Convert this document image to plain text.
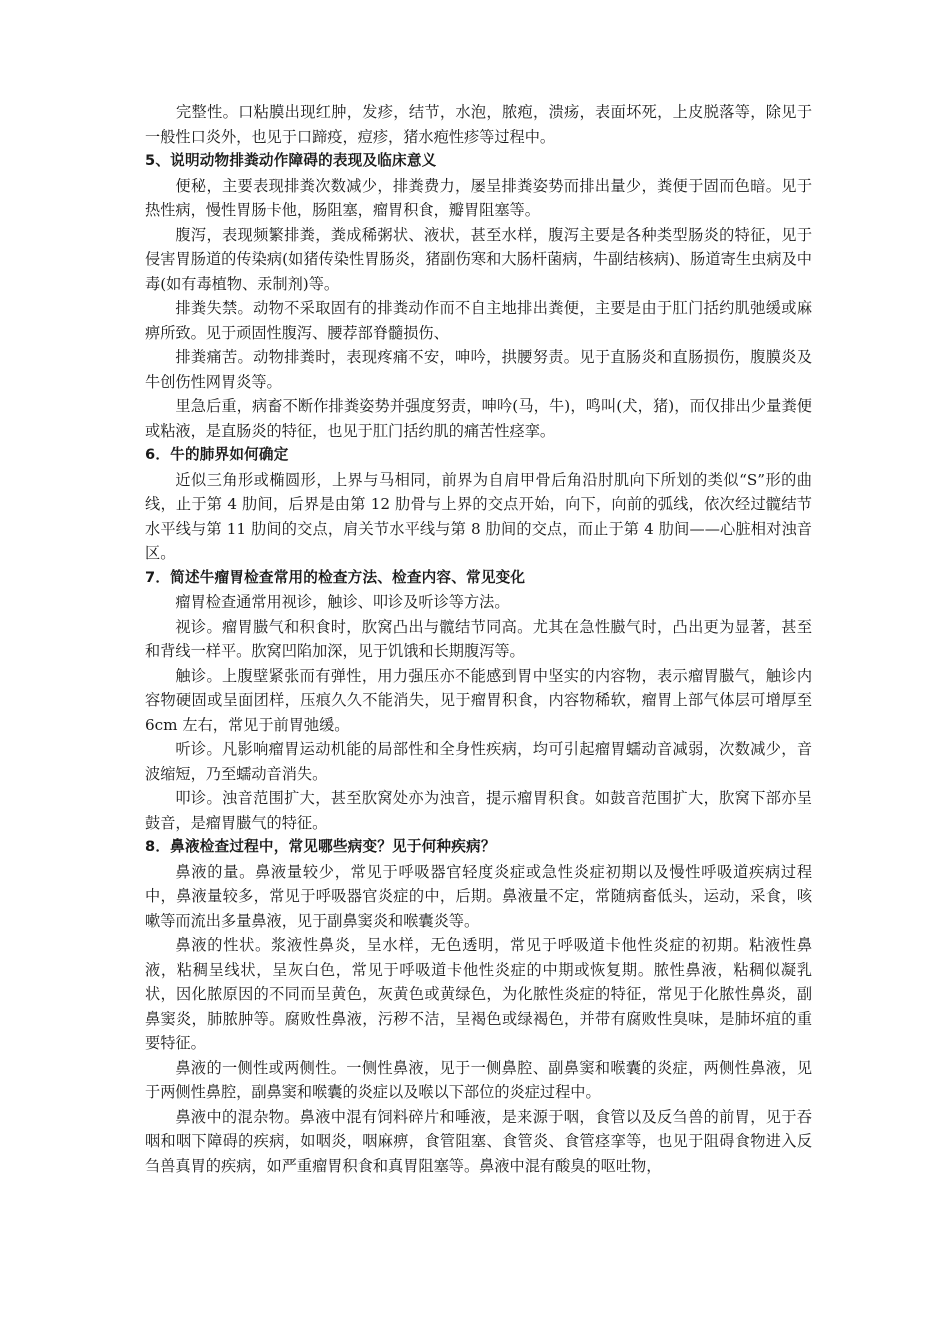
　　完整性。口粘膜出现红肿，发疹，结节，水泡，脓疱，溃疡，表面坏死，上皮脱落等，除见于一般性口炎外，也见于口蹄疫，痘疹，猪水疱性疹等过程中。

5、说明动物排粪动作障碍的表现及临床意义

便秘，主要表现排粪次数减少，排粪费力，屡呈排粪姿势而排出量少，粪便于固而色暗。见于热性病，慢性胃肠卡他，肠阻塞，瘤胃积食，瓣胃阻塞等。

腹泻，表现频繁排粪，粪成稀粥状、液状，甚至水样，腹泻主要是各种类型肠炎的特征，见于侵害胃肠道的传染病(如猪传染性胃肠炎，猪副伤寒和大肠杆菌病，牛副结核病)、肠道寄生虫病及中毒(如有毒植物、汞制剂)等。

排粪失禁。动物不采取固有的排粪动作而不自主地排出粪便，主要是由于肛门括约肌弛缓或麻痹所致。见于顽固性腹泻、腰荐部脊髓损伤、

排粪痛苦。动物排粪时，表现疼痛不安，呻吟，拱腰努责。见于直肠炎和直肠损伤，腹膜炎及牛创伤性网胃炎等。

里急后重，病畜不断作排粪姿势并强度努责，呻吟(马，牛)，鸣叫(犬，猪)，而仅排出少量粪便或粘液，是直肠炎的特征，也见于肛门括约肌的痛苦性痉挛。

6．牛的肺界如何确定

近似三角形或椭圆形，上界与马相同，前界为自肩甲骨后角沿肘肌向下所划的类似“S”形的曲线，止于第 4 肋间，后界是由第 12 肋骨与上界的交点开始，向下，向前的弧线，依次经过髋结节水平线与第 11 肋间的交点，肩关节水平线与第 8 肋间的交点，而止于第 4 肋间——心脏相对浊音区。

7．简述牛瘤胃检查常用的检查方法、检查内容、常见变化

瘤胃检查通常用视诊，触诊、叩诊及听诊等方法。

视诊。瘤胃臌气和积食时，肷窝凸出与髋结节同高。尤其在急性臌气时，凸出更为显著，甚至和背线一样平。肷窝凹陷加深，见于饥饿和长期腹泻等。

触诊。上腹壁紧张而有弹性，用力强压亦不能感到胃中坚实的内容物，表示瘤胃臌气，触诊内容物硬固或呈面团样，压痕久久不能消失，见于瘤胃积食，内容物稀软，瘤胃上部气体层可增厚至 6cm 左右，常见于前胃弛缓。

听诊。凡影响瘤胃运动机能的局部性和全身性疾病，均可引起瘤胃蠕动音减弱，次数减少，音波缩短，乃至蠕动音消失。

叩诊。浊音范围扩大，甚至肷窝处亦为浊音，提示瘤胃积食。如鼓音范围扩大，肷窝下部亦呈鼓音，是瘤胃臌气的特征。

8．鼻液检查过程中，常见哪些病变？见于何种疾病？

鼻液的量。鼻液量较少，常见于呼吸器官轻度炎症或急性炎症初期以及慢性呼吸道疾病过程中，鼻液量较多，常见于呼吸器官炎症的中，后期。鼻液量不定，常随病畜低头，运动，采食，咳嗽等而流出多量鼻液，见于副鼻窦炎和喉囊炎等。

鼻液的性状。浆液性鼻炎，呈水样，无色透明，常见于呼吸道卡他性炎症的初期。粘液性鼻液，粘稠呈线状，呈灰白色，常见于呼吸道卡他性炎症的中期或恢复期。脓性鼻液，粘稠似凝乳状，因化脓原因的不同而呈黄色，灰黄色或黄绿色，为化脓性炎症的特征，常见于化脓性鼻炎，副鼻窦炎，肺脓肿等。腐败性鼻液，污秽不洁，呈褐色或绿褐色，并带有腐败性臭味，是肺坏疽的重要特征。

鼻液的一侧性或两侧性。一侧性鼻液，见于一侧鼻腔、副鼻窦和喉囊的炎症，两侧性鼻液，见于两侧性鼻腔，副鼻窦和喉囊的炎症以及喉以下部位的炎症过程中。

鼻液中的混杂物。鼻液中混有饲料碎片和唾液，是来源于咽，食管以及反刍兽的前胃，见于吞咽和咽下障碍的疾病，如咽炎，咽麻痹，食管阻塞、食管炎、食管痉挛等，也见于阻碍食物进入反刍兽真胃的疾病，如严重瘤胃积食和真胃阻塞等。鼻液中混有酸臭的呕吐物，
